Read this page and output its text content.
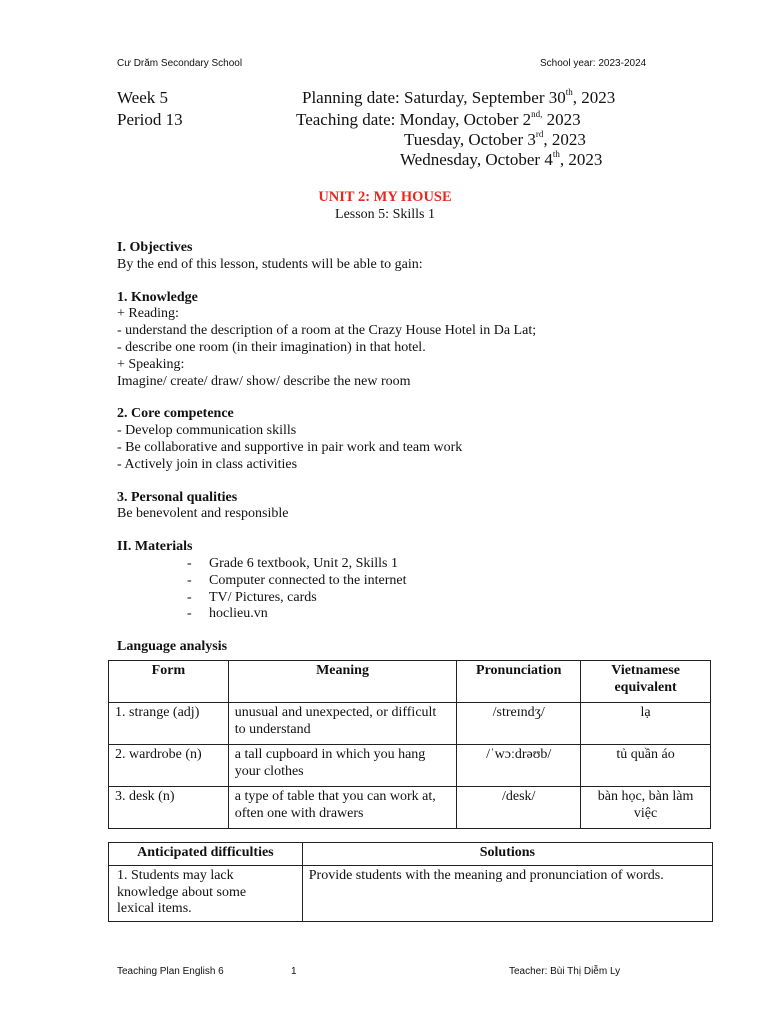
Cư Drăm Secondary School	School year: 2023-2024
Week 5
Period 13
Planning date: Saturday, September 30th, 2023
Teaching date: Monday, October $2^{nd,}$ 2023
Tuesday, October 3rd, 2023
Wednesday, October 4th, 2023
UNIT 2: MY HOUSE
Lesson 5: Skills 1

I. Objectives

By the end of this lesson, students will be able to gain:

1. Knowledge

+ Reading:

- understand the description of a room at the Crazy House Hotel in Da Lat;

- describe one room (in their imagination) in that hotel.

+ Speaking:

Imagine/ create/ draw/ show/ describe the new room

2. Core competence

- Develop communication skills

- Be collaborative and supportive in pair work and team work

- Actively join in class activities

3. Personal qualities

Be benevolent and responsible

II. Materials

- Grade 6 textbook, Unit 2, Skills 1
- Computer connected to the internet
- TV/ Pictures, cards
- hoclieu.vn

Language analysis

Form	Meaning	Pronunciation	Vietnamese equivalent
1. strange (adj)	unusual and unexpected, or difficult to understand	/streɪndʒ/	lạ
2. wardrobe (n)	a tall cupboard in which you hang your clothes	/ˈwɔːdrəʊb/	tủ quần áo
3. desk (n)	a type of table that you can work at, often one with drawers	/desk/	bàn học, bàn làm việc
Anticipated difficulties	Solutions
1. Students may lack knowledge about some lexical items.	Provide students with the meaning and pronunciation of words.
Teaching Plan English 6	1	Teacher: Bùi Thị Diễm Ly
